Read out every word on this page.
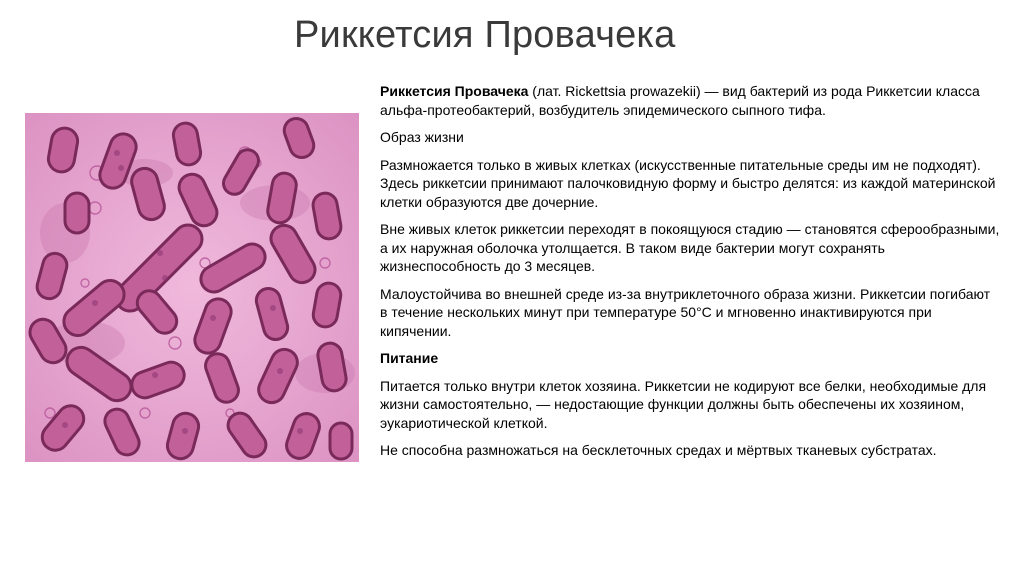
Риккетсия Провачека

Риккетсия Провачека (лат. Rickettsia prowazekii) — вид бактерий из рода Риккетсии класса альфа-протеобактерий, возбудитель эпидемического сыпного тифа.

Образ жизни

Размножается только в живых клетках (искусственные питательные среды им не подходят). Здесь риккетсии принимают палочковидную форму и быстро делятся: из каждой материнской клетки образуются две дочерние.

Вне живых клеток риккетсии переходят в покоящуюся стадию — становятся сферообразными, а их наружная оболочка утолщается. В таком виде бактерии могут сохранять жизнеспособность до 3 месяцев.

Малоустойчива во внешней среде из-за внутриклеточного образа жизни. Риккетсии погибают в течение нескольких минут при температуре 50°С и мгновенно инактивируются при кипячении.

Питание

Питается только внутри клеток хозяина. Риккетсии не кодируют все белки, необходимые для жизни самостоятельно, — недостающие функции должны быть обеспечены их хозяином, эукариотической клеткой.

Не способна размножаться на бесклеточных средах и мёртвых тканевых субстратах.
